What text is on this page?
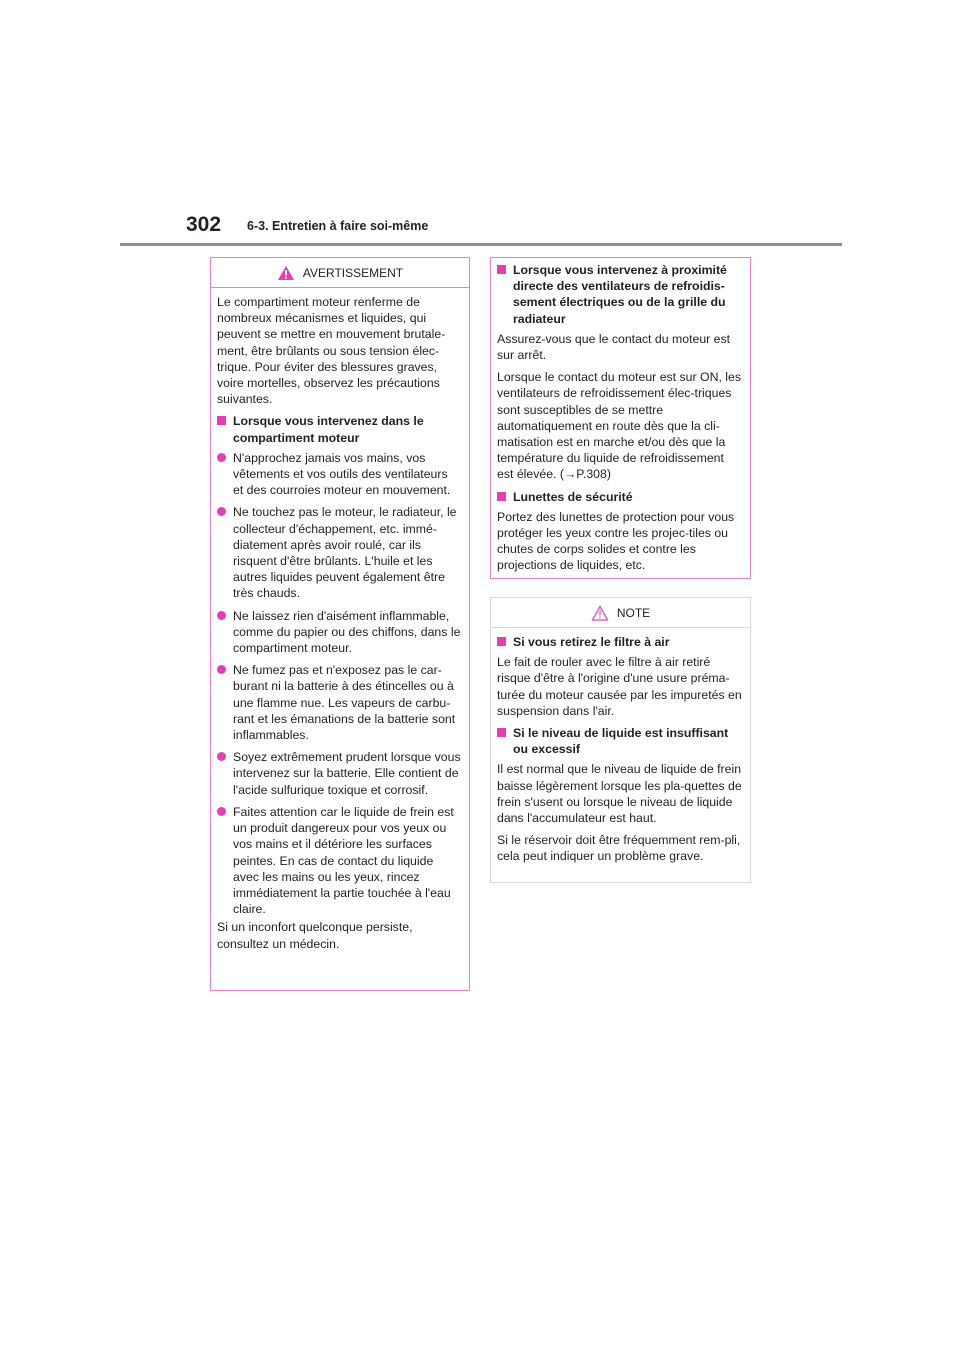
302 6-3. Entretien à faire soi-même
AVERTISSEMENT

Le compartiment moteur renferme de nombreux mécanismes et liquides, qui peuvent se mettre en mouvement brutale-ment, être brûlants ou sous tension élec-trique. Pour éviter des blessures graves, voire mortelles, observez les précautions suivantes.

Lorsque vous intervenez dans le compartiment moteur
N'approchez jamais vos mains, vos vêtements et vos outils des ventilateurs et des courroies moteur en mouvement.
Ne touchez pas le moteur, le radiateur, le collecteur d'échappement, etc. immé-diatement après avoir roulé, car ils risquent d'être brûlants. L'huile et les autres liquides peuvent également être très chauds.
Ne laissez rien d'aisément inflammable, comme du papier ou des chiffons, dans le compartiment moteur.
Ne fumez pas et n'exposez pas le car-burant ni la batterie à des étincelles ou à une flamme nue. Les vapeurs de carbu-rant et les émanations de la batterie sont inflammables.
Soyez extrêmement prudent lorsque vous intervenez sur la batterie. Elle contient de l'acide sulfurique toxique et corrosif.
Faites attention car le liquide de frein est un produit dangereux pour vos yeux ou vos mains et il détériore les surfaces peintes. En cas de contact du liquide avec les mains ou les yeux, rincez immédiatement la partie touchée à l'eau claire.

Si un inconfort quelconque persiste, consultez un médecin.

Lorsque vous intervenez à proximité directe des ventilateurs de refroidis-sement électriques ou de la grille du radiateur

Assurez-vous que le contact du moteur est sur arrêt.

Lorsque le contact du moteur est sur ON, les ventilateurs de refroidissement élec-triques sont susceptibles de se mettre automatiquement en route dès que la cli-matisation est en marche et/ou dès que la température du liquide de refroidissement est élevée. (→P.308)

Lunettes de sécurité

Portez des lunettes de protection pour vous protéger les yeux contre les projec-tiles ou chutes de corps solides et contre les projections de liquides, etc.

NOTE
Si vous retirez le filtre à air

Le fait de rouler avec le filtre à air retiré risque d'être à l'origine d'une usure préma-turée du moteur causée par les impuretés en suspension dans l'air.

Si le niveau de liquide est insuffisant ou excessif

Il est normal que le niveau de liquide de frein baisse légèrement lorsque les pla-quettes de frein s'usent ou lorsque le niveau de liquide dans l'accumulateur est haut.

Si le réservoir doit être fréquemment rem-pli, cela peut indiquer un problème grave.
